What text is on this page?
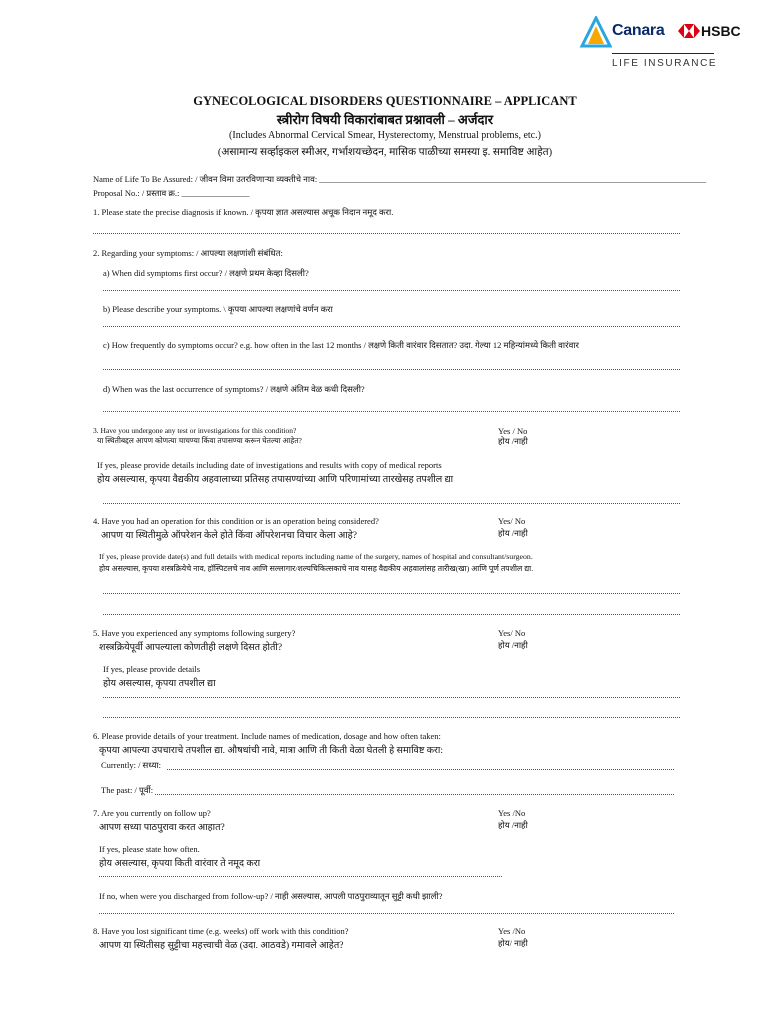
Canara	HSBC
LIFE INSURANCE
GYNECOLOGICAL DISORDERS QUESTIONNAIRE – APPLICANT
स्त्रीरोग विषयी विकारांबाबत प्रश्नावली – अर्जदार
(Includes Abnormal Cervical Smear, Hysterectomy, Menstrual problems, etc.)
(असामान्य सर्व्हाइकल स्मीअर, गर्भाशयच्छेदन, मासिक पाळीच्या समस्या इ. समाविष्ट आहेत)
Name of Life To Be Assured: / जीवन विमा उतरविणाऱ्या व्यक्तीचे नाव: ___________________________________________________________________________________________
Proposal No.: / प्रस्ताव क्र.: ________________
1. Please state the precise diagnosis if known. / कृपया ज्ञात असल्यास अचूक निदान नमूद करा.
2. Regarding your symptoms: / आपल्या लक्षणांशी संबंधित:
a) When did symptoms first occur? / लक्षणे प्रथम केव्हा दिसली?
b) Please describe your symptoms. \ कृपया आपल्या लक्षणांचे वर्णन करा
c) How frequently do symptoms occur? e.g. how often in the last 12 months / लक्षणे किती वारंवार दिसतात? उदा. गेल्या 12 महिन्यांमध्ये किती वारंवार
d) When was the last occurrence of symptoms? / लक्षणे अंतिम वेळ कधी दिसली?
3. Have you undergone any test or investigations for this condition?
या स्थितीबद्दल आपण कोणत्या चाचण्या किंवा तपासण्या करून घेतल्या आहेत?
Yes / No
होय /नाही
If yes, please provide details including date of investigations and results with copy of medical reports
होय असल्यास, कृपया वैद्यकीय अहवालाच्या प्रतिसह तपासण्यांच्या आणि परिणामांच्या तारखेसह तपशील द्या
4. Have you had an operation for this condition or is an operation being considered?
आपण या स्थितीमुळे ऑपरेशन केले होते किंवा ऑपरेशनचा विचार केला आहे?
Yes/ No
होय /नाही
If yes, please provide date(s) and full details with medical reports including name of the surgery, names of hospital and consultant/surgeon.
होय असल्यास, कृपया शस्त्रक्रियेचे नाव, हॉस्पिटलचे नाव आणि सल्लागार/शल्यचिकित्सकाचे नाव यासह वैद्यकीय अहवालांसह तारीख(खा) आणि पूर्ण तपशील द्या.
5. Have you experienced any symptoms following surgery?
शस्त्रक्रियेपूर्वी आपल्याला कोणतीही लक्षणे दिसत होती?
Yes/ No
होय /नाही
If yes, please provide details
होय असल्यास, कृपया तपशील द्या
6. Please provide details of your treatment. Include names of medication, dosage and how often taken:
कृपया आपल्या उपचाराचे तपशील द्या. औषधांची नावे, मात्रा आणि ती किती वेळा घेतली हे समाविष्ट करा:
Currently: / सध्या:
The past: / पूर्वी:
7. Are you currently on follow up?
आपण सध्या पाठपुरावा करत आहात?
Yes /No
होय /नाही
If yes, please state how often.
होय असल्यास, कृपया किती वारंवार ते नमूद करा
If no, when were you discharged from follow-up? / नाही असल्यास, आपली पाठपुराव्यातून सुट्टी कधी झाली?
8. Have you lost significant time (e.g. weeks) off work with this condition?
आपण या स्थितीसह सुट्टीचा महत्त्वाची वेळ (उदा. आठवडे) गमावले आहेत?
Yes /No
होय/ नाही
